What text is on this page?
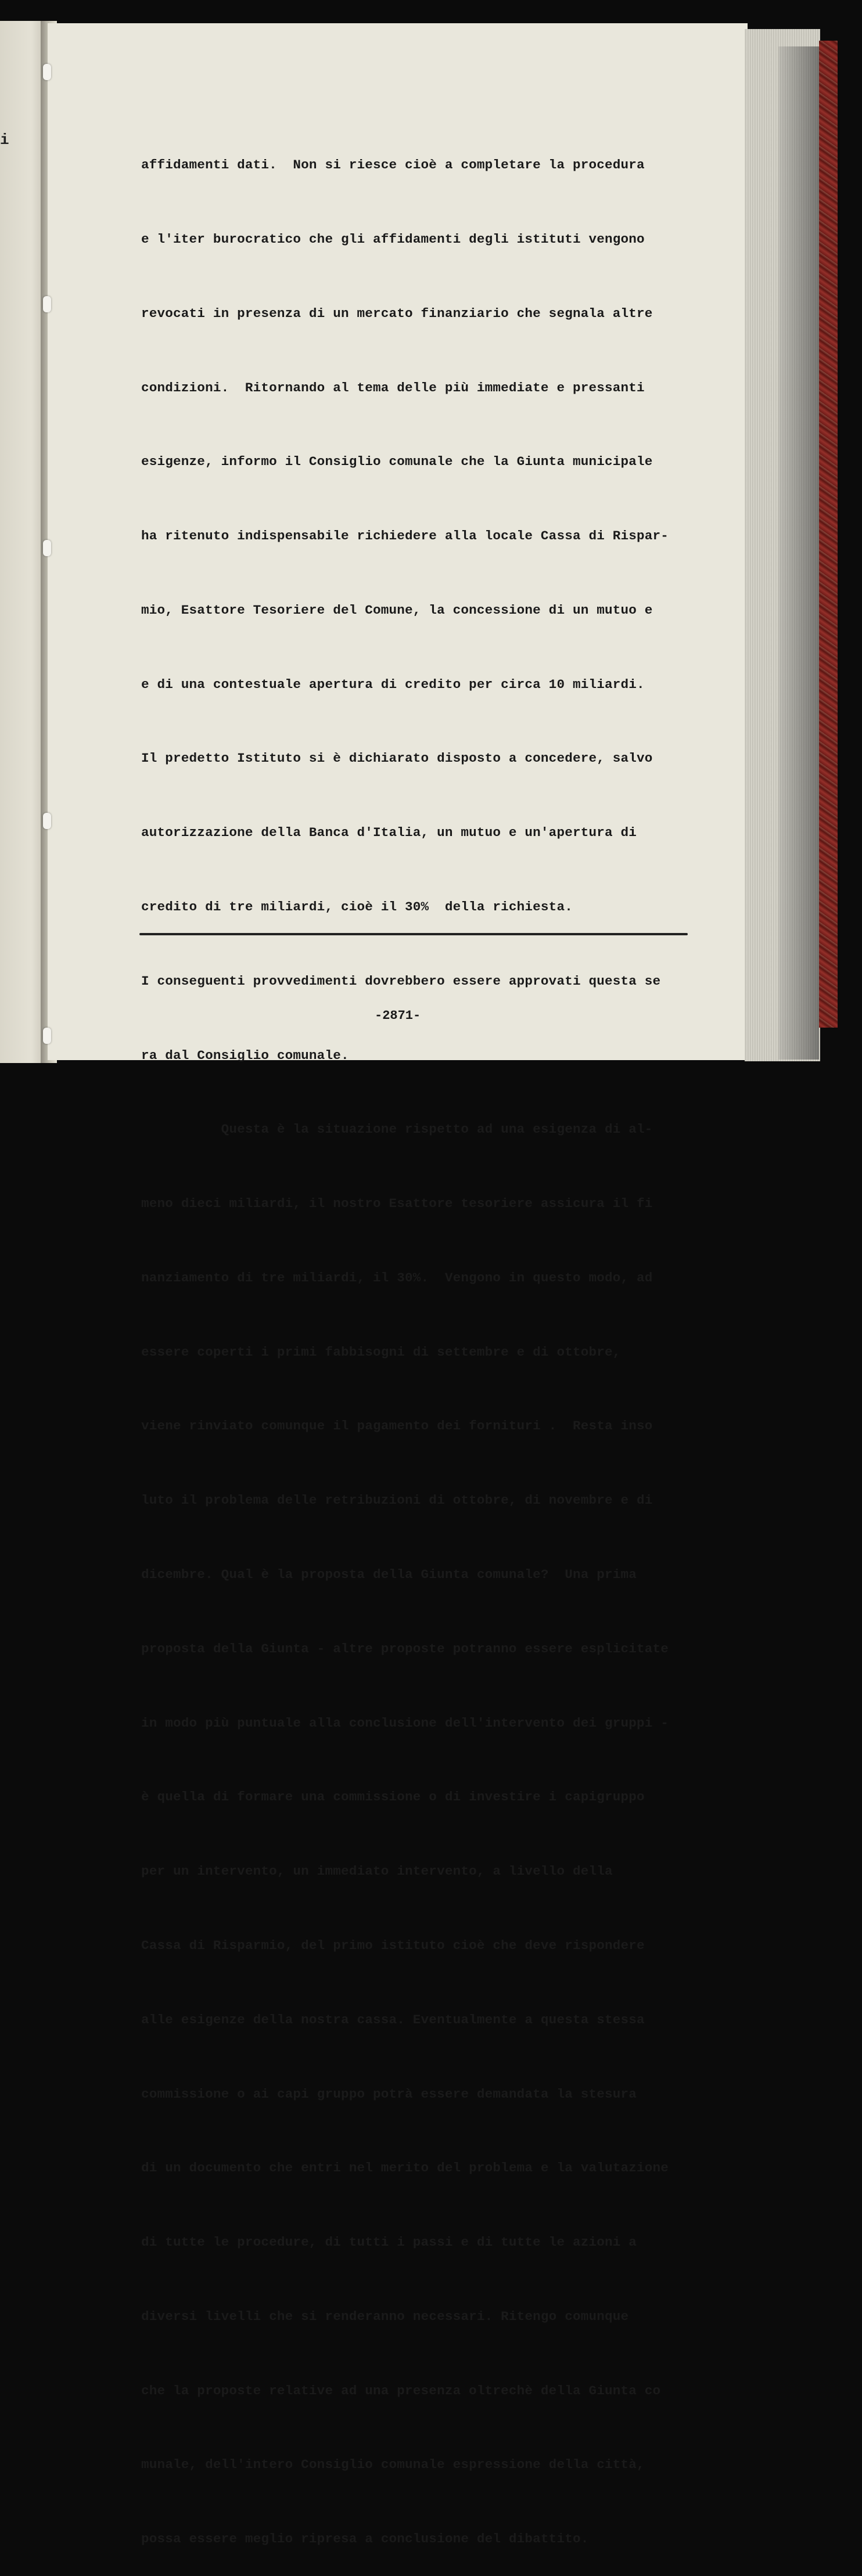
i

affidamenti dati.  Non si riesce cioè a completare la procedura

e l'iter burocratico che gli affidamenti degli istituti vengono

revocati in presenza di un mercato finanziario che segnala altre

condizioni.  Ritornando al tema delle più immediate e pressanti

esigenze, informo il Consiglio comunale che la Giunta municipale

ha ritenuto indispensabile richiedere alla locale Cassa di Rispar-

mio, Esattore Tesoriere del Comune, la concessione di un mutuo e

e di una contestuale apertura di credito per circa 10 miliardi.

Il predetto Istituto si è dichiarato disposto a concedere, salvo

autorizzazione della Banca d'Italia, un mutuo e un'apertura di

credito di tre miliardi, cioè il 30%  della richiesta.

I conseguenti provvedimenti dovrebbero essere approvati questa se

ra dal Consiglio comunale.

Questa è la situazione rispetto ad una esigenza di al-

meno dieci miliardi, il nostro Esattore tesoriere assicura il fi

nanziamento di tre miliardi, il 30%.  Vengono in questo modo, ad

essere coperti i primi fabbisogni di settembre e di ottobre,

viene rinviato comunque il pagamento dei fornituri .  Resta inso

luto il problema delle retribuzioni di ottobre, di novembre e di

dicembre. Qual è la proposta della Giunta comunale?  Una prima

proposta della Giunta - altre proposte potranno essere esplicitate

in modo più puntuale alla conclusione dell'intervento dei gruppi -

è quella di formare una commissione o di investire i capigruppo

per un intervento, un immediato intervento, a livello della

Cassa di Risparmio, del primo istituto cioè che deve rispondere

alle esigenze della nostra cassa. Eventualmente a questa stessa

commissione o ai capi gruppo potrà essere demandata la stesura

di un documento che entri nel merito del problema e la valutazione

di tutte le procedure, di tutti i passi e di tutte le azioni a

diversi livelli che si renderanno necessari. Ritengo comunque

che la proposte relative ad una presenza oltrechè della Giunta co

munale, dell'intero Consiglio comunale espressione della città,

possa essere meglio ripresa a conclusione del dibattito.

-2871-
